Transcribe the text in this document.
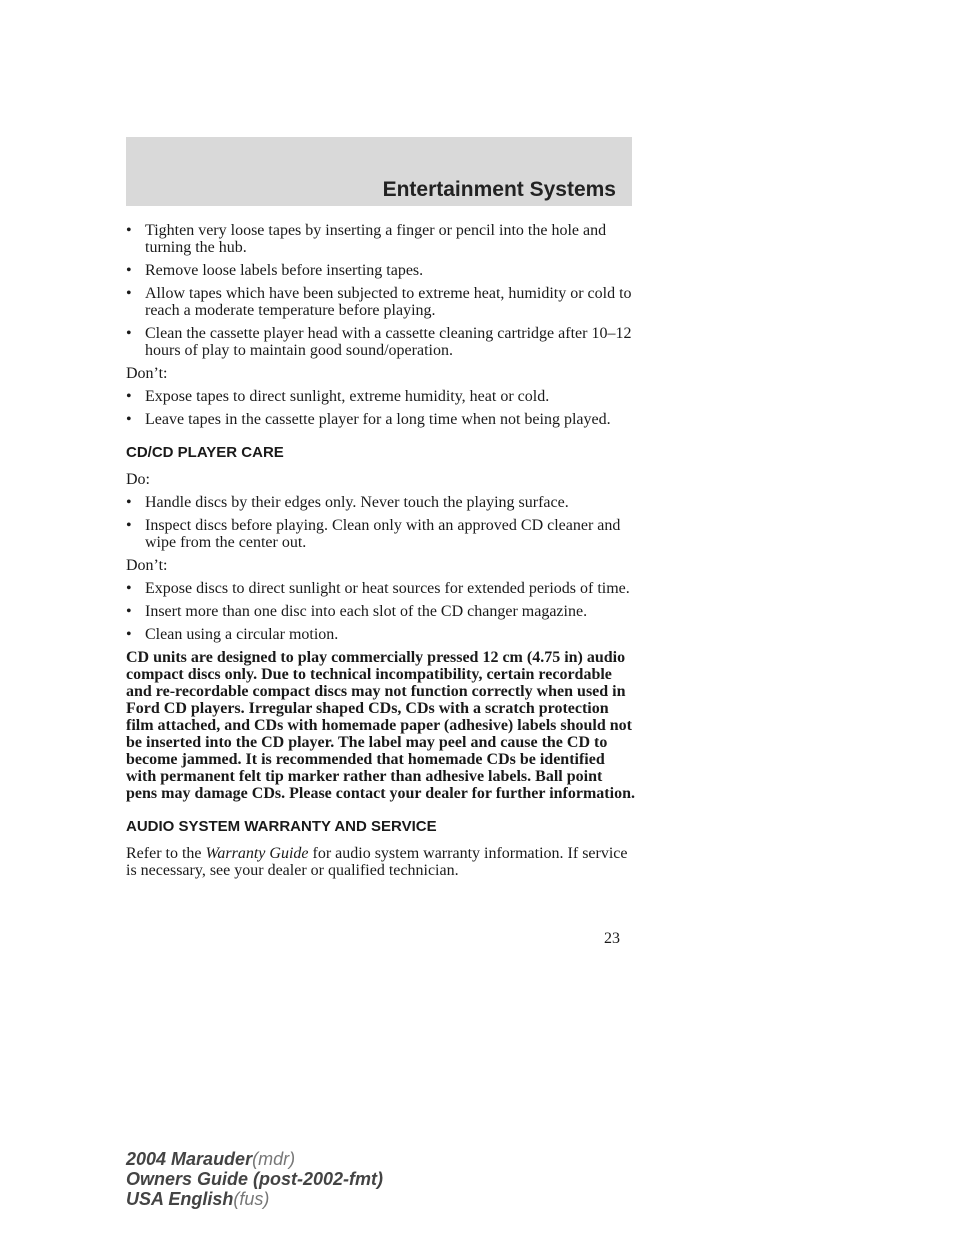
Entertainment Systems
• Tighten very loose tapes by inserting a finger or pencil into the hole and turning the hub.
• Remove loose labels before inserting tapes.
• Allow tapes which have been subjected to extreme heat, humidity or cold to reach a moderate temperature before playing.
• Clean the cassette player head with a cassette cleaning cartridge after 10–12 hours of play to maintain good sound/operation.
Don’t:
• Expose tapes to direct sunlight, extreme humidity, heat or cold.
• Leave tapes in the cassette player for a long time when not being played.
CD/CD PLAYER CARE
Do:
• Handle discs by their edges only. Never touch the playing surface.
• Inspect discs before playing. Clean only with an approved CD cleaner and wipe from the center out.
Don’t:
• Expose discs to direct sunlight or heat sources for extended periods of time.
• Insert more than one disc into each slot of the CD changer magazine.
• Clean using a circular motion.
CD units are designed to play commercially pressed 12 cm (4.75 in) audio compact discs only. Due to technical incompatibility, certain recordable and re-recordable compact discs may not function correctly when used in Ford CD players. Irregular shaped CDs, CDs with a scratch protection film attached, and CDs with homemade paper (adhesive) labels should not be inserted into the CD player. The label may peel and cause the CD to become jammed. It is recommended that homemade CDs be identified with permanent felt tip marker rather than adhesive labels. Ball point pens may damage CDs. Please contact your dealer for further information.
AUDIO SYSTEM WARRANTY AND SERVICE
Refer to the Warranty Guide for audio system warranty information. If service is necessary, see your dealer or qualified technician.
23
2004 Marauder(mdr)
Owners Guide (post-2002-fmt)
USA English(fus)
